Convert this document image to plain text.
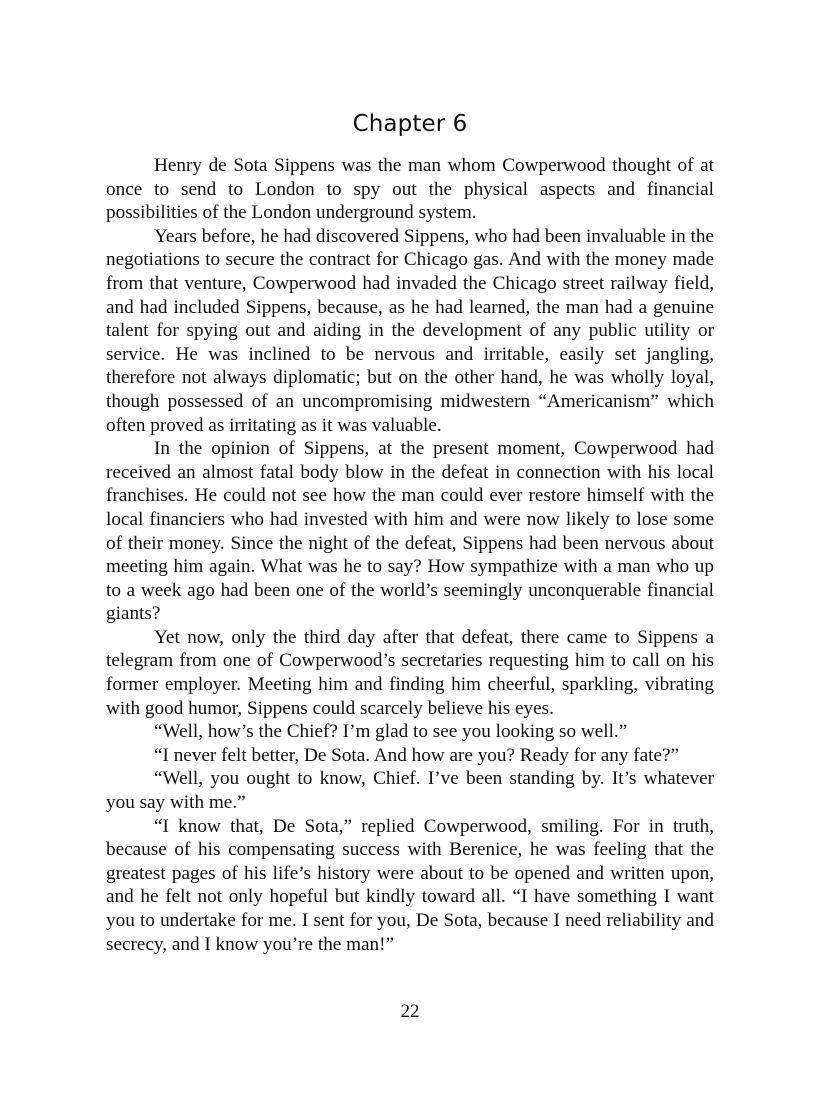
Chapter 6

Henry de Sota Sippens was the man whom Cowperwood thought of at once to send to London to spy out the physical aspects and financial possibilities of the London underground system.

Years before, he had discovered Sippens, who had been invaluable in the negotiations to secure the contract for Chicago gas. And with the money made from that venture, Cowperwood had invaded the Chicago street railway field, and had included Sippens, because, as he had learned, the man had a genuine talent for spying out and aiding in the development of any public utility or service. He was inclined to be nervous and irritable, easily set jangling, therefore not always diplomatic; but on the other hand, he was wholly loyal, though possessed of an uncompromising midwestern “Americanism” which often proved as irritating as it was valuable.

In the opinion of Sippens, at the present moment, Cowperwood had received an almost fatal body blow in the defeat in connection with his local franchises. He could not see how the man could ever restore himself with the local financiers who had invested with him and were now likely to lose some of their money. Since the night of the defeat, Sippens had been nervous about meeting him again. What was he to say? How sympathize with a man who up to a week ago had been one of the world’s seemingly unconquerable financial giants?

Yet now, only the third day after that defeat, there came to Sippens a telegram from one of Cowperwood’s secretaries requesting him to call on his former employer. Meeting him and finding him cheerful, sparkling, vibrating with good humor, Sippens could scarcely believe his eyes.

“Well, how’s the Chief? I’m glad to see you looking so well.”

“I never felt better, De Sota. And how are you? Ready for any fate?”

“Well, you ought to know, Chief. I’ve been standing by. It’s whatever you say with me.”

“I know that, De Sota,” replied Cowperwood, smiling. For in truth, because of his compensating success with Berenice, he was feeling that the greatest pages of his life’s history were about to be opened and written upon, and he felt not only hopeful but kindly toward all. “I have something I want you to undertake for me. I sent for you, De Sota, because I need reliability and secrecy, and I know you’re the man!”

22
